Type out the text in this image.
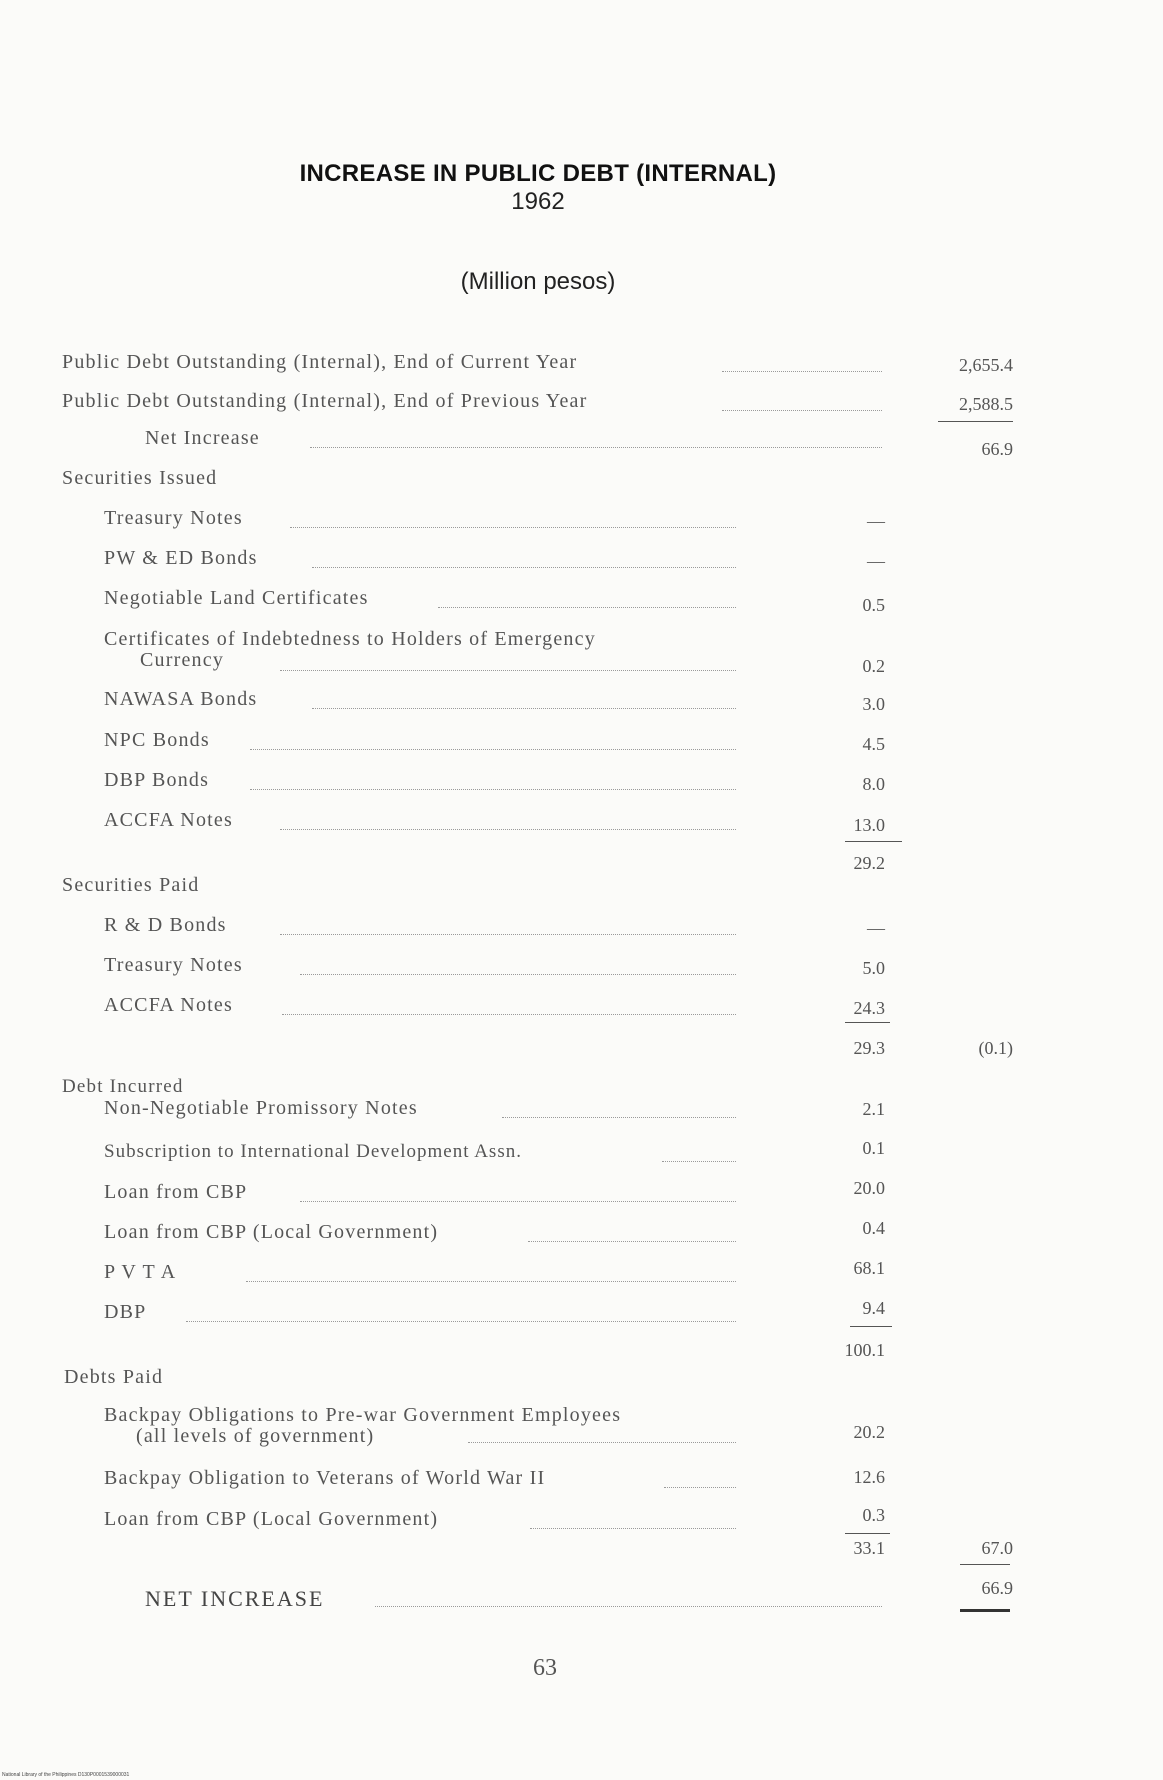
INCREASE IN PUBLIC DEBT (INTERNAL)
1962
(Million pesos)
Public Debt Outstanding (Internal), End of Current Year	2,655.4
Public Debt Outstanding (Internal), End of Previous Year	2,588.5
Net Increase	66.9
Securities Issued
Treasury Notes	—
PW & ED Bonds	—
Negotiable Land Certificates	0.5
Certificates of Indebtedness to Holders of Emergency
Currency	0.2
NAWASA Bonds	3.0
NPC Bonds	4.5
DBP Bonds	8.0
ACCFA Notes	13.0
29.2
Securities Paid
R & D Bonds	—
Treasury Notes	5.0
ACCFA Notes	24.3
29.3	(0.1)
Debt Incurred
Non-Negotiable Promissory Notes	2.1
Subscription to International Development Assn.	0.1
Loan from CBP	20.0
Loan from CBP (Local Government)	0.4
P V T A	68.1
DBP	9.4
100.1
Debts Paid
Backpay Obligations to Pre-war Government Employees
(all levels of government)	20.2
Backpay Obligation to Veterans of World War II	12.6
Loan from CBP (Local Government)	0.3
33.1	67.0
NET INCREASE	66.9
63
National Library of the Philippines D130P0001539000031
